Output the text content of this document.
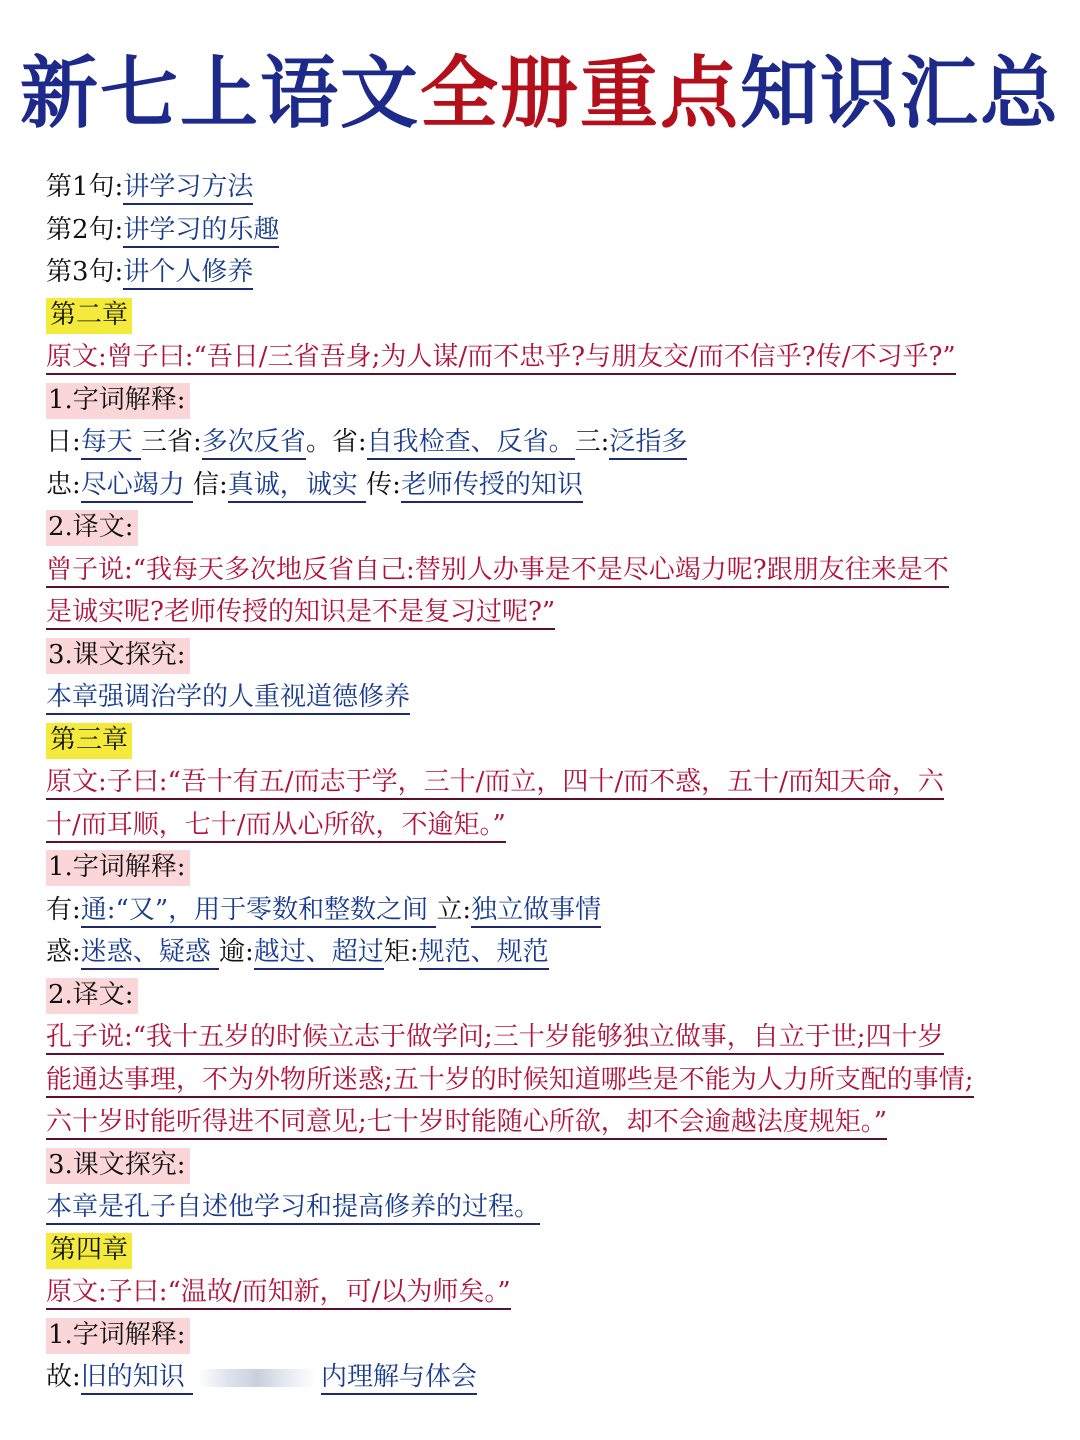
新七上语文全册重点知识汇总
第1句:讲学习方法
第2句:讲学习的乐趣
第3句:讲个人修养
第二章
原文:曾子曰:“吾日/三省吾身;为人谋/而不忠乎?与朋友交/而不信乎?传/不习乎?”
1.字词解释:
日:每天 三省:多次反省。省:自我检查、反省。三:泛指多
忠:尽心竭力 信:真诚，诚实 传:老师传授的知识
2.译文:
曾子说:“我每天多次地反省自己:替别人办事是不是尽心竭力呢?跟朋友往来是不
是诚实呢?老师传授的知识是不是复习过呢?”
3.课文探究:
本章强调治学的人重视道德修养
第三章
原文:子曰:“吾十有五/而志于学，三十/而立，四十/而不惑，五十/而知天命，六
十/而耳顺，七十/而从心所欲，不逾矩。”
1.字词解释:
有:通:“又”，用于零数和整数之间 立:独立做事情
惑:迷惑、疑惑 逾:越过、超过矩:规范、规范
2.译文:
孔子说:“我十五岁的时候立志于做学问;三十岁能够独立做事，自立于世;四十岁
能通达事理，不为外物所迷惑;五十岁的时候知道哪些是不能为人力所支配的事情;
六十岁时能听得进不同意见;七十岁时能随心所欲，却不会逾越法度规矩。”
3.课文探究:
本章是孔子自述他学习和提高修养的过程。
第四章
原文:子曰:“温故/而知新，可/以为师矣。”
1.字词解释:
故:旧的知识	内理解与体会
